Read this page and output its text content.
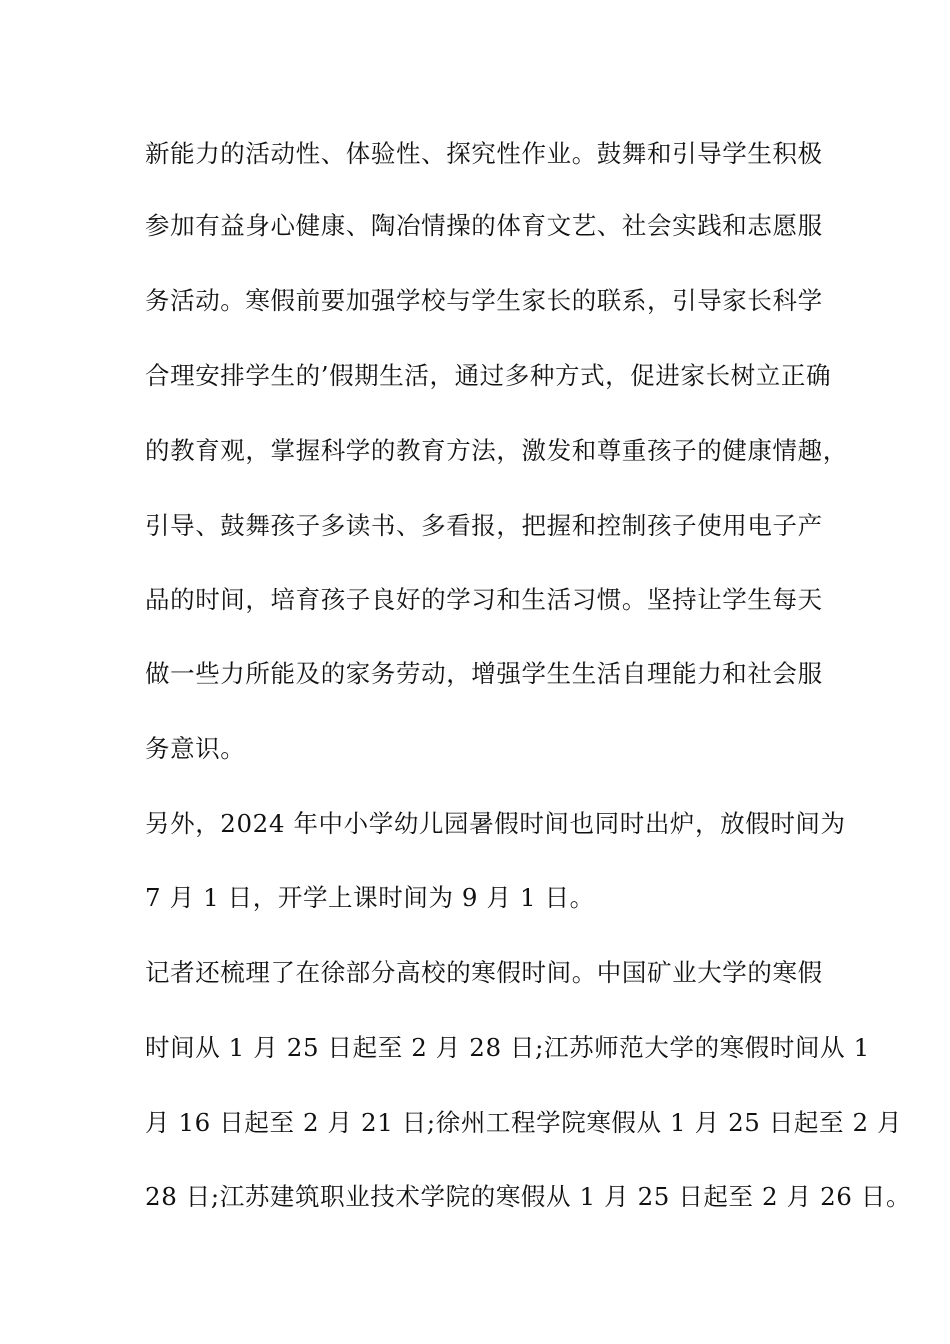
新能力的活动性、体验性、探究性作业。鼓舞和引导学生积极
参加有益身心健康、陶冶情操的体育文艺、社会实践和志愿服
务活动。寒假前要加强学校与学生家长的联系，引导家长科学
合理安排学生的’假期生活，通过多种方式，促进家长树立正确
的教育观，掌握科学的教育方法，激发和尊重孩子的健康情趣，
引导、鼓舞孩子多读书、多看报，把握和控制孩子使用电子产
品的时间，培育孩子良好的学习和生活习惯。坚持让学生每天
做一些力所能及的家务劳动，增强学生生活自理能力和社会服
务意识。
另外，2024 年中小学幼儿园暑假时间也同时出炉，放假时间为
7 月 1 日，开学上课时间为 9 月 1 日。
记者还梳理了在徐部分高校的寒假时间。中国矿业大学的寒假
时间从 1 月 25 日起至 2 月 28 日;江苏师范大学的寒假时间从 1
月 16 日起至 2 月 21 日;徐州工程学院寒假从 1 月 25 日起至 2 月
28 日;江苏建筑职业技术学院的寒假从 1 月 25 日起至 2 月 26 日。
